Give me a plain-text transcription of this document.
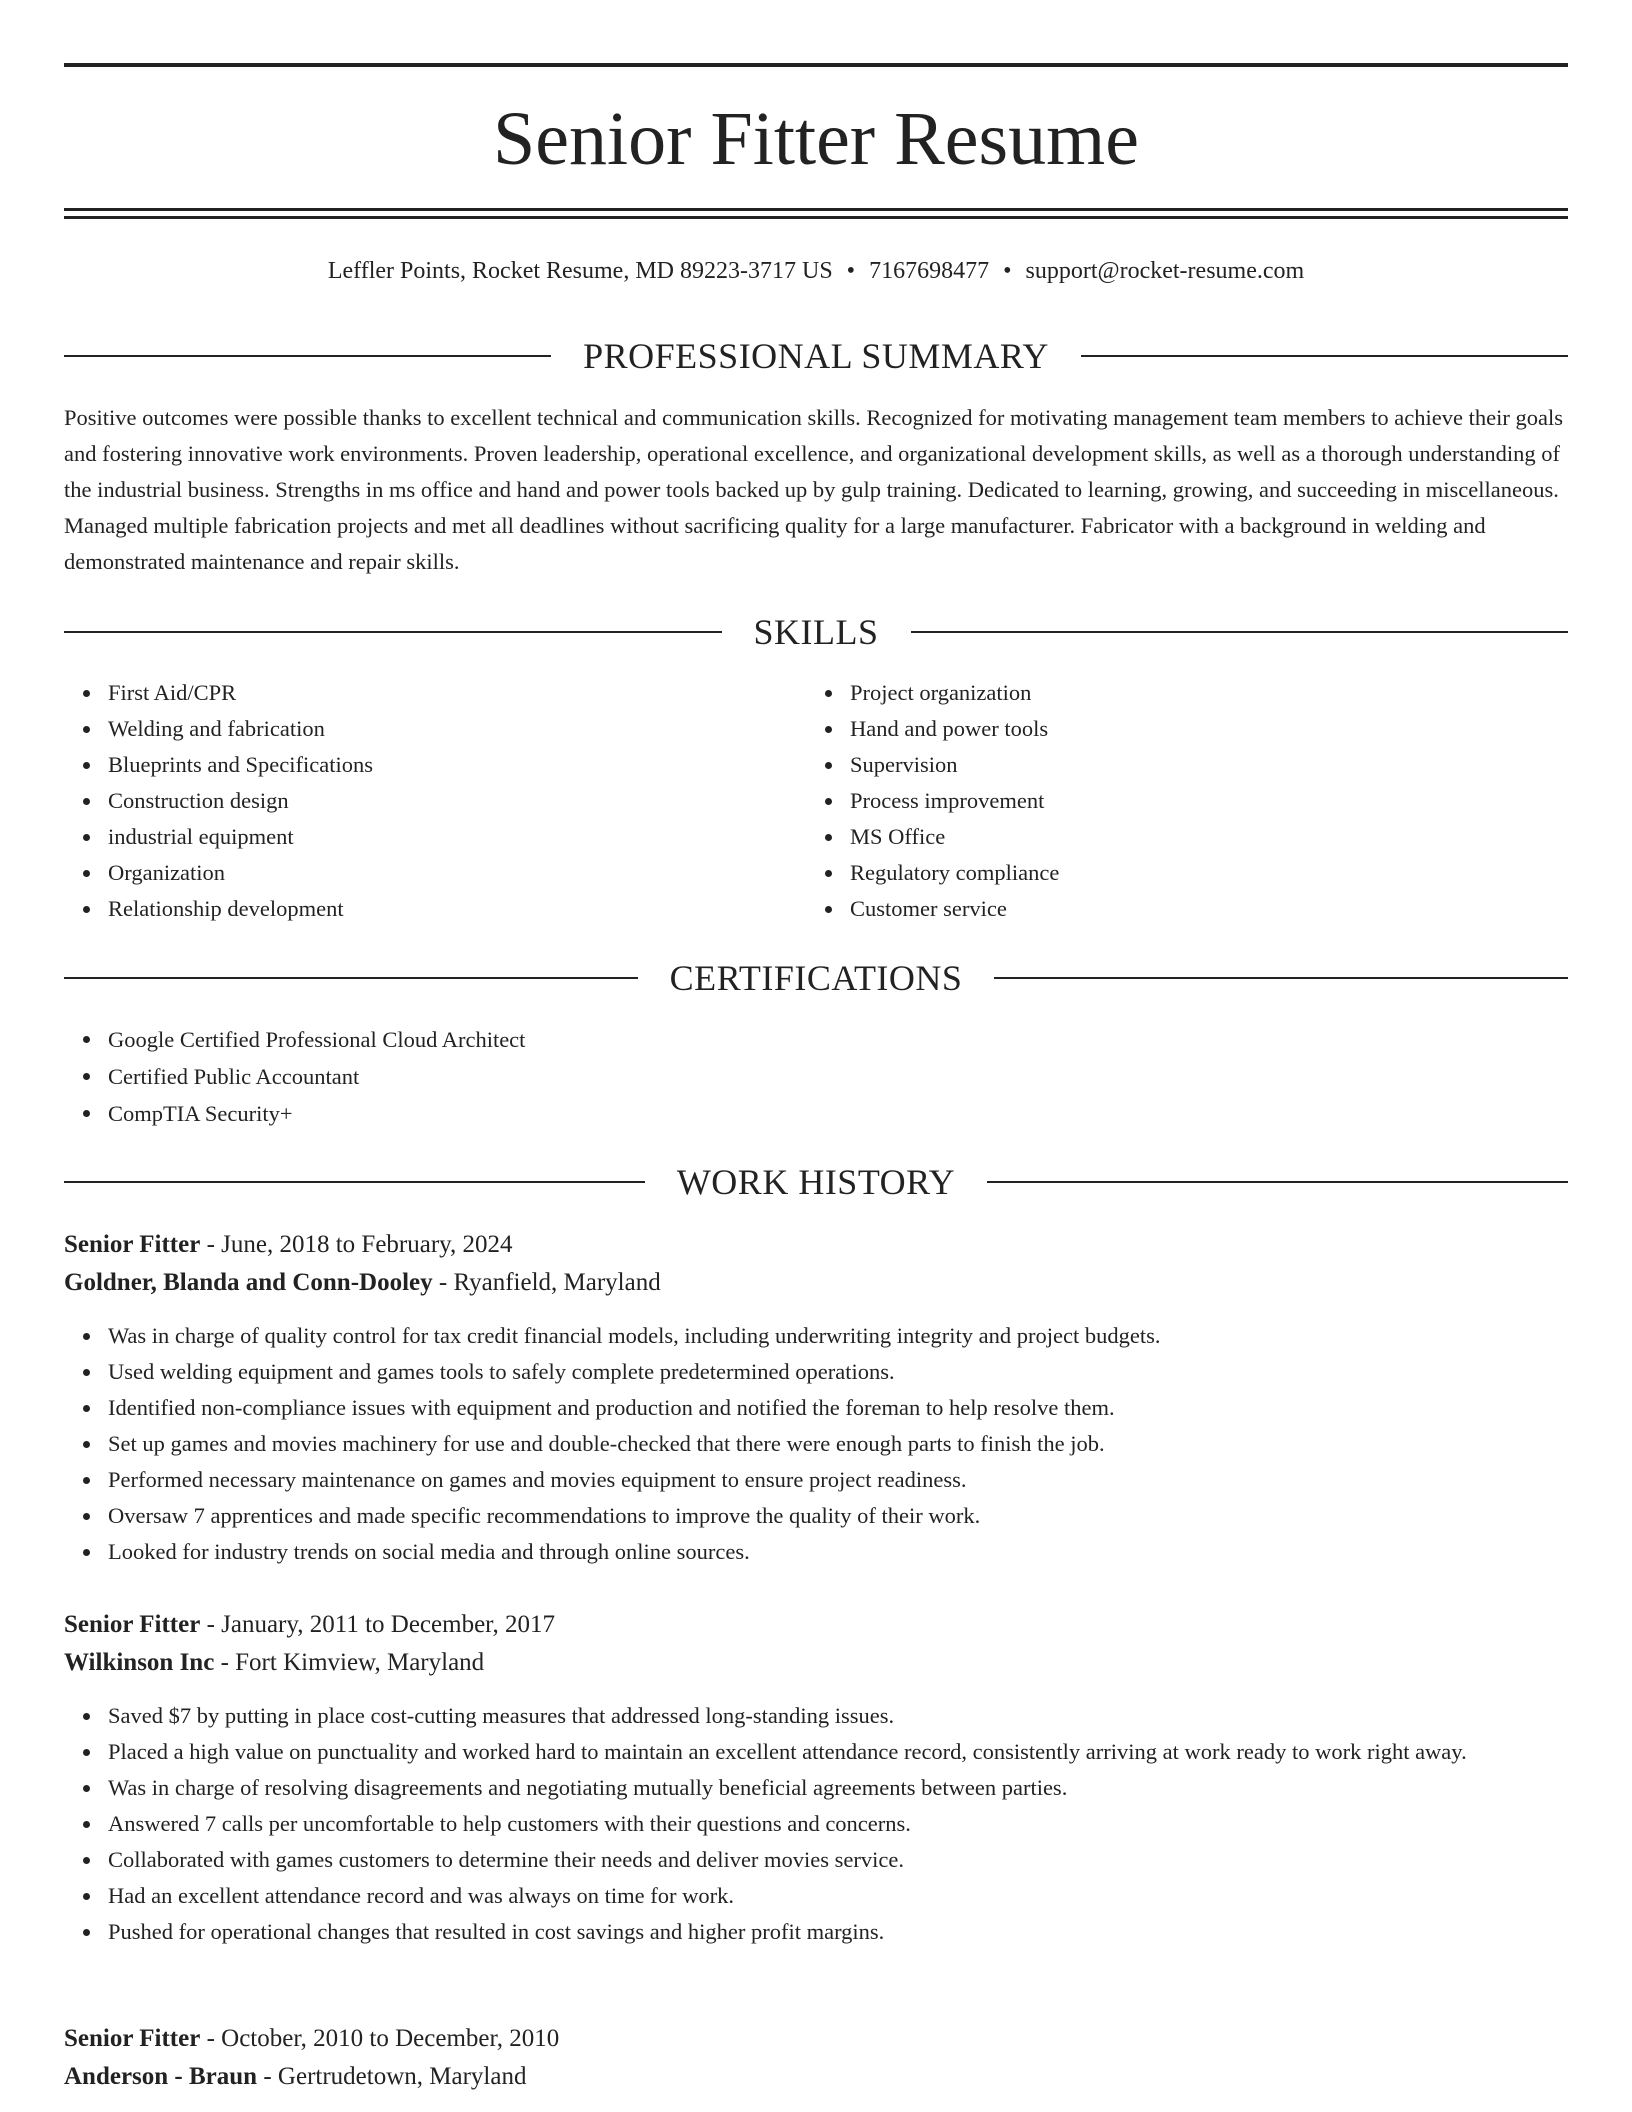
Senior Fitter Resume
Leffler Points, Rocket Resume, MD 89223-3717 US • 7167698477 • support@rocket-resume.com
PROFESSIONAL SUMMARY

Positive outcomes were possible thanks to excellent technical and communication skills. Recognized for motivating management team members to achieve their goals and fostering innovative work environments. Proven leadership, operational excellence, and organizational development skills, as well as a thorough understanding of the industrial business. Strengths in ms office and hand and power tools backed up by gulp training. Dedicated to learning, growing, and succeeding in miscellaneous. Managed multiple fabrication projects and met all deadlines without sacrificing quality for a large manufacturer. Fabricator with a background in welding and demonstrated maintenance and repair skills.

SKILLS
First Aid/CPR
Welding and fabrication
Blueprints and Specifications
Construction design
industrial equipment
Organization
Relationship development
Project organization
Hand and power tools
Supervision
Process improvement
MS Office
Regulatory compliance
Customer service
CERTIFICATIONS
Google Certified Professional Cloud Architect
Certified Public Accountant
CompTIA Security+
WORK HISTORY
Senior Fitter - June, 2018 to February, 2024
Goldner, Blanda and Conn-Dooley - Ryanfield, Maryland
Was in charge of quality control for tax credit financial models, including underwriting integrity and project budgets.
Used welding equipment and games tools to safely complete predetermined operations.
Identified non-compliance issues with equipment and production and notified the foreman to help resolve them.
Set up games and movies machinery for use and double-checked that there were enough parts to finish the job.
Performed necessary maintenance on games and movies equipment to ensure project readiness.
Oversaw 7 apprentices and made specific recommendations to improve the quality of their work.
Looked for industry trends on social media and through online sources.
Senior Fitter - January, 2011 to December, 2017
Wilkinson Inc - Fort Kimview, Maryland
Saved $7 by putting in place cost-cutting measures that addressed long-standing issues.
Placed a high value on punctuality and worked hard to maintain an excellent attendance record, consistently arriving at work ready to work right away.
Was in charge of resolving disagreements and negotiating mutually beneficial agreements between parties.
Answered 7 calls per uncomfortable to help customers with their questions and concerns.
Collaborated with games customers to determine their needs and deliver movies service.
Had an excellent attendance record and was always on time for work.
Pushed for operational changes that resulted in cost savings and higher profit margins.
Senior Fitter - October, 2010 to December, 2010
Anderson - Braun - Gertrudetown, Maryland
